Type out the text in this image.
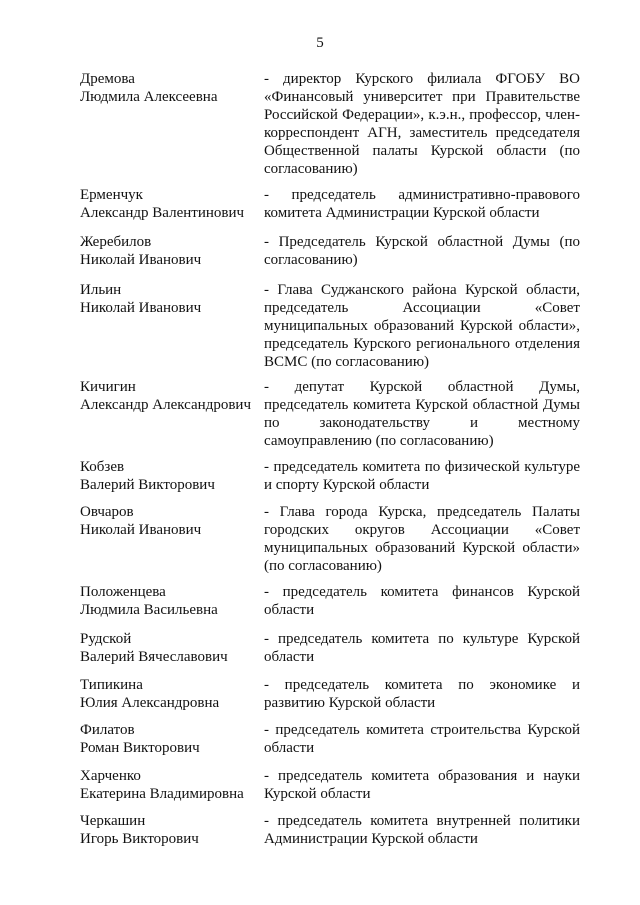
5
Дремова
Людмила Алексеевна
- директор Курского филиала ФГОБУ ВО «Финансовый университет при Правительстве Российской Федерации», к.э.н., профессор, член-корреспондент АГН, заместитель председателя Общественной палаты Курской области (по согласованию)
Ерменчук
Александр Валентинович
- председатель административно-правового комитета Администрации Курской области
Жеребилов
Николай Иванович
- Председатель Курской областной Думы (по согласованию)
Ильин
Николай Иванович
- Глава Суджанского района Курской области, председатель Ассоциации «Совет муниципальных образований Курской области», председатель Курского регионального отделения ВСМС (по согласованию)
Кичигин
Александр Александрович
- депутат Курской областной Думы, председатель комитета Курской областной Думы по законодательству и местному самоуправлению (по согласованию)
Кобзев
Валерий Викторович
- председатель комитета по физической культуре и спорту Курской области
Овчаров
Николай Иванович
- Глава города Курска, председатель Палаты городских округов Ассоциации «Совет муниципальных образований Курской области» (по согласованию)
Положенцева
Людмила Васильевна
- председатель комитета финансов Курской области
Рудской
Валерий Вячеславович
- председатель комитета по культуре Курской области
Типикина
Юлия Александровна
- председатель комитета по экономике и развитию Курской области
Филатов
Роман Викторович
- председатель комитета строительства Курской области
Харченко
Екатерина Владимировна
- председатель комитета образования и науки Курской области
Черкашин
Игорь Викторович
- председатель комитета внутренней политики Администрации Курской области
